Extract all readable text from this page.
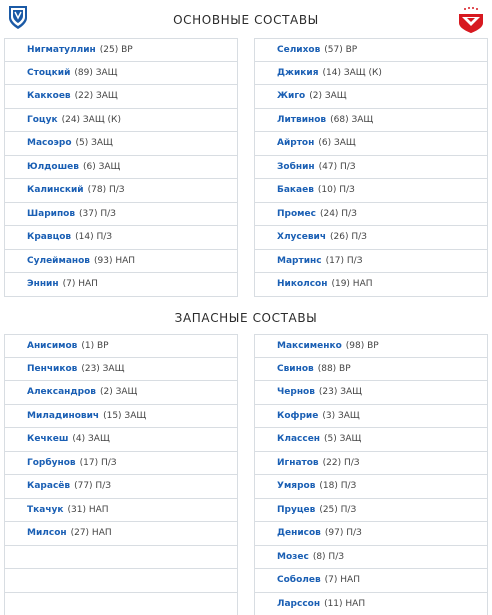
ОСНОВНЫЕ СОСТАВЫ
Нигматуллин (25) ВР
Стоцкий (89) ЗАЩ
Каккоев (22) ЗАЩ
Гоцук (24) ЗАЩ (К)
Масоэро (5) ЗАЩ
Юлдошев (6) ЗАЩ
Калинский (78) П/З
Шарипов (37) П/З
Кравцов (14) П/З
Сулейманов (93) НАП
Эннин (7) НАП
Селихов (57) ВР
Джикия (14) ЗАЩ (К)
Жиго (2) ЗАЩ
Литвинов (68) ЗАЩ
Айртон (6) ЗАЩ
Зобнин (47) П/З
Бакаев (10) П/З
Промес (24) П/З
Хлусевич (26) П/З
Мартинс (17) П/З
Николсон (19) НАП
ЗАПАСНЫЕ СОСТАВЫ
Анисимов (1) ВР
Пенчиков (23) ЗАЩ
Александров (2) ЗАЩ
Миладинович (15) ЗАЩ
Кечкеш (4) ЗАЩ
Горбунов (17) П/З
Карасёв (77) П/З
Ткачук (31) НАП
Милсон (27) НАП
Максименко (98) ВР
Свинов (88) ВР
Чернов (23) ЗАЩ
Кофрие (3) ЗАЩ
Классен (5) ЗАЩ
Игнатов (22) П/З
Умяров (18) П/З
Пруцев (25) П/З
Денисов (97) П/З
Мозес (8) П/З
Соболев (7) НАП
Ларссон (11) НАП
